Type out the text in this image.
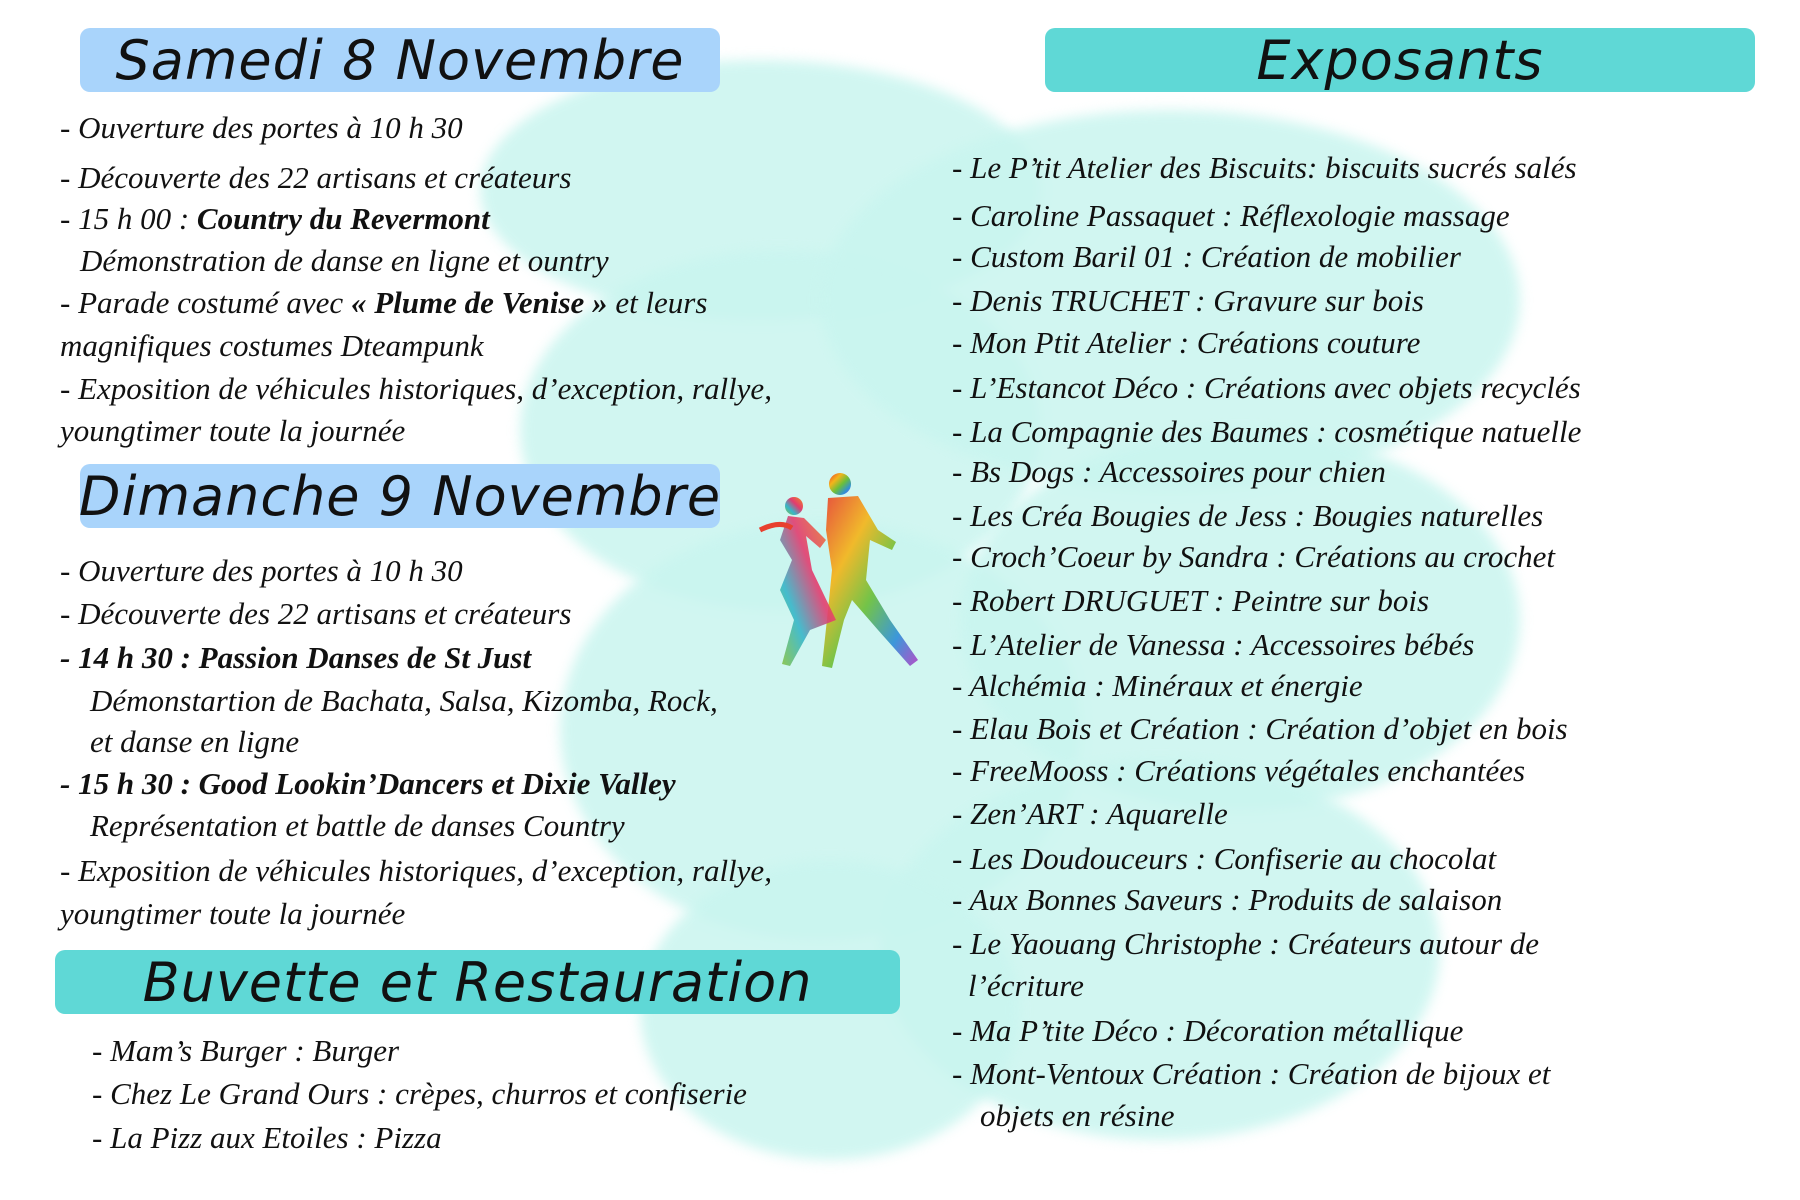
Samedi 8 Novembre
Dimanche 9 Novembre
Buvette et Restauration
Exposants
- Ouverture des portes à 10 h 30
- Découverte des 22 artisans et créateurs
- 15 h 00 : Country du Revermont
Démonstration de danse en ligne et ountry
- Parade costumé avec « Plume de Venise » et leurs
magnifiques costumes Dteampunk
- Exposition de véhicules historiques, d’exception, rallye,
youngtimer toute la journée
- Ouverture des portes à 10 h 30
- Découverte des 22 artisans et créateurs
- 14 h 30 : Passion Danses de St Just
Démonstartion de Bachata, Salsa, Kizomba, Rock,
et danse en ligne
- 15 h 30 : Good Lookin’Dancers et Dixie Valley
Représentation et battle de danses Country
- Exposition de véhicules historiques, d’exception, rallye,
youngtimer toute la journée
- Mam’s Burger : Burger
- Chez Le Grand Ours : crèpes, churros et confiserie
- La Pizz aux Etoiles : Pizza
- Le P’tit Atelier des Biscuits: biscuits sucrés salés
- Caroline Passaquet : Réflexologie massage
- Custom Baril 01 : Création de mobilier
- Denis TRUCHET : Gravure sur bois
- Mon Ptit Atelier : Créations couture
- L’Estancot Déco : Créations avec objets recyclés
- La Compagnie des Baumes : cosmétique natuelle
- Bs Dogs : Accessoires pour chien
- Les Créa Bougies de Jess : Bougies naturelles
- Croch’Coeur by Sandra : Créations au crochet
- Robert DRUGUET : Peintre sur bois
- L’Atelier de Vanessa : Accessoires bébés
- Alchémia : Minéraux et énergie
- Elau Bois et Création : Création d’objet en bois
- FreeMooss : Créations végétales enchantées
- Zen’ART : Aquarelle
- Les Doudouceurs : Confiserie au chocolat
- Aux Bonnes Saveurs : Produits de salaison
- Le Yaouang Christophe : Créateurs autour de
l’écriture
- Ma P’tite Déco : Décoration métallique
- Mont-Ventoux Création : Création de bijoux et
objets en résine
